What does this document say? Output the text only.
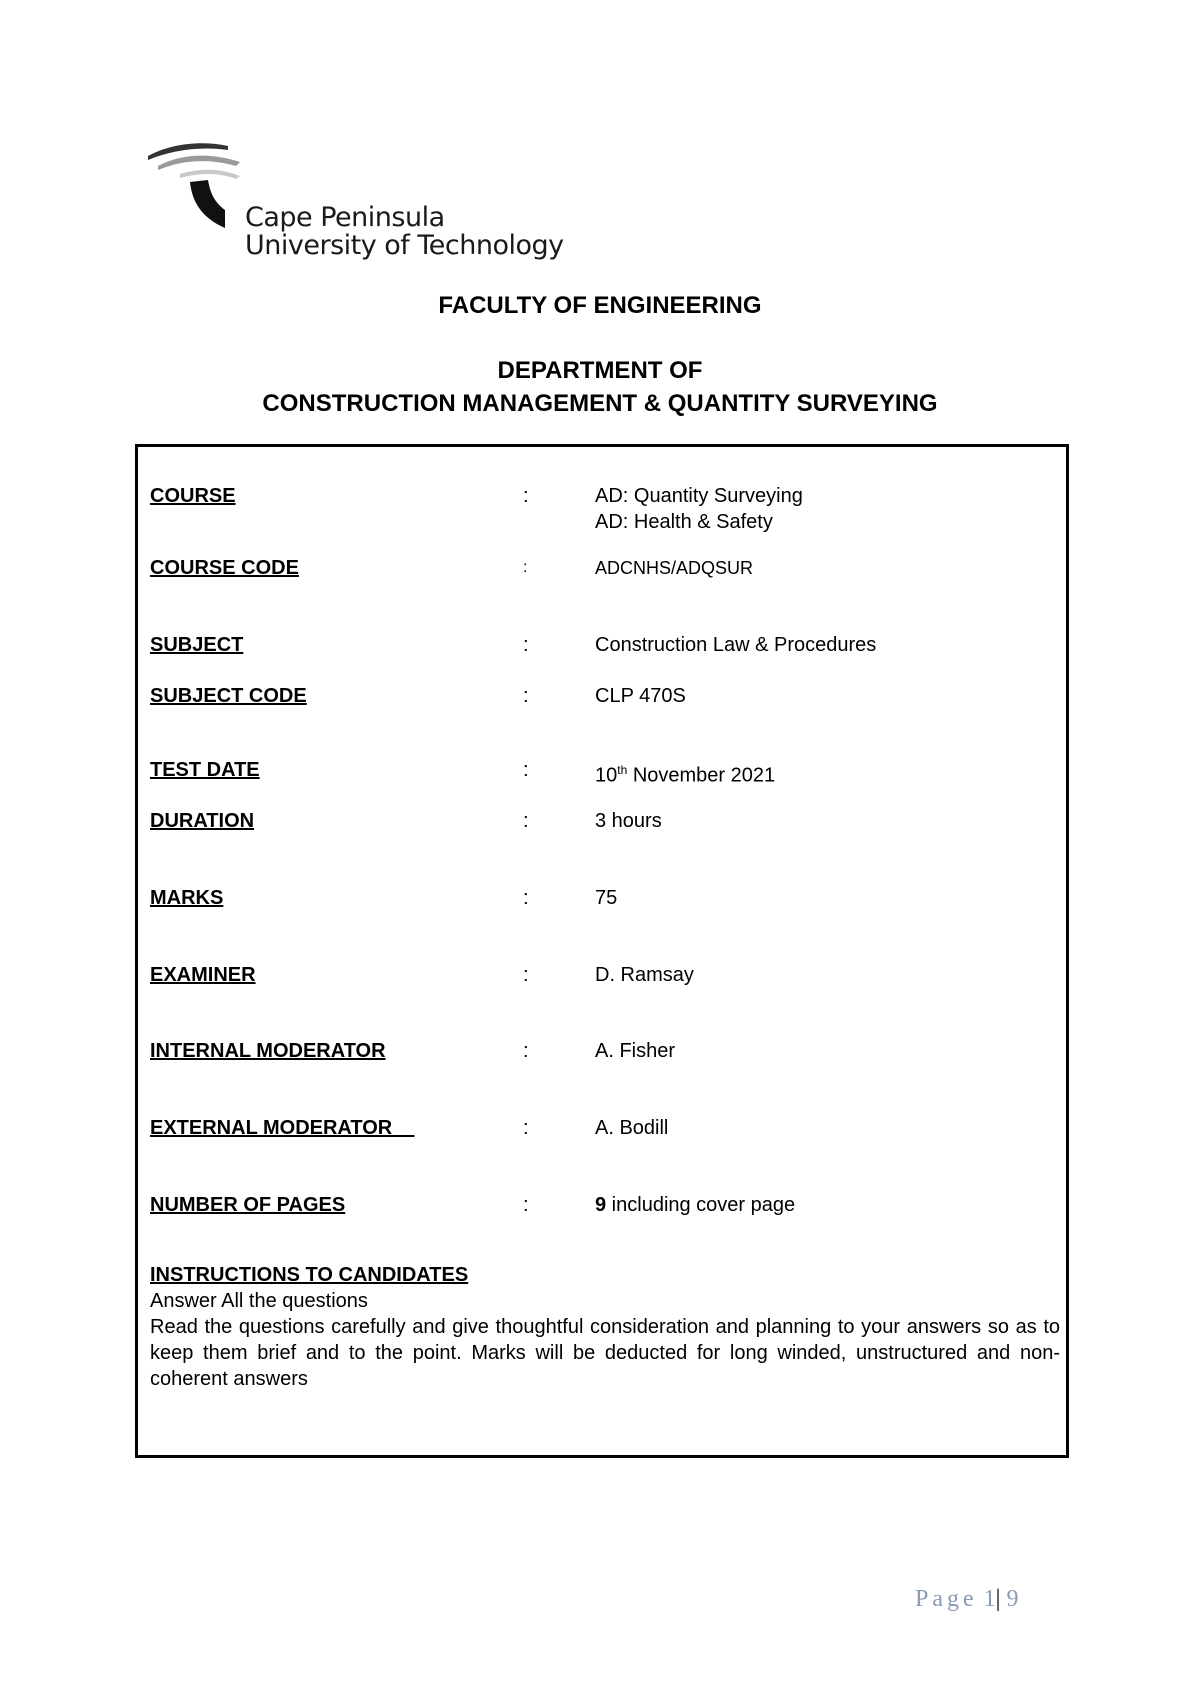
Cape Peninsula
University of Technology
FACULTY OF ENGINEERING
DEPARTMENT OF
CONSTRUCTION MANAGEMENT & QUANTITY SURVEYING
COURSE	:	AD: Quantity Surveying
AD: Health & Safety
COURSE CODE	:	ADCNHS/ADQSUR
SUBJECT	:	Construction Law & Procedures
SUBJECT CODE	:	CLP 470S
TEST DATE	:	10th November 2021
DURATION	:	3 hours
MARKS	:	75
EXAMINER	:	D. Ramsay
INTERNAL MODERATOR	:	A. Fisher
EXTERNAL MODERATOR	:	A. Bodill
NUMBER OF PAGES	:	9 including cover page
INSTRUCTIONS TO CANDIDATES
Answer All the questions
Read the questions carefully and give thoughtful consideration and planning to your answers so as to keep them brief and to the point. Marks will be deducted for long winded, unstructured and non-coherent answers
Page 1| 9
